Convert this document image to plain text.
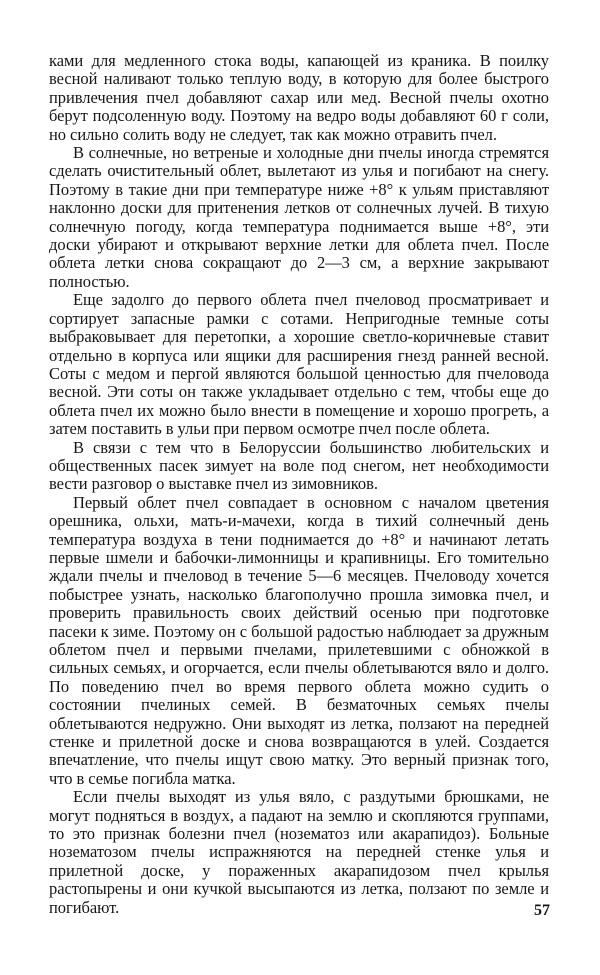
ками для медленного стока воды, капающей из краника. В поилку весной наливают только теплую воду, в которую для более быстрого привлечения пчел добавляют сахар или мед. Весной пчелы охотно берут подсоленную воду. Поэтому на ведро воды добавляют 60 г соли, но сильно солить воду не следует, так как можно отравить пчел.

В солнечные, но ветреные и холодные дни пчелы иногда стремятся сделать очистительный облет, вылетают из улья и погибают на снегу. Поэтому в такие дни при температуре ниже +8° к ульям приставляют наклонно доски для притенения летков от солнечных лучей. В тихую солнечную погоду, когда температура поднимается выше +8°, эти доски убирают и открывают верхние летки для облета пчел. После облета летки снова сокращают до 2—3 см, а верхние закрывают полностью.

Еще задолго до первого облета пчел пчеловод просматривает и сортирует запасные рамки с сотами. Непригодные темные соты выбраковывает для перетопки, а хорошие светло-коричневые ставит отдельно в корпуса или ящики для расширения гнезд ранней весной. Соты с медом и пергой являются большой ценностью для пчеловода весной. Эти соты он также укладывает отдельно с тем, чтобы еще до облета пчел их можно было внести в помещение и хорошо прогреть, а затем поставить в ульи при первом осмотре пчел после облета.

В связи с тем что в Белоруссии большинство любительских и общественных пасек зимует на воле под снегом, нет необходимости вести разговор о выставке пчел из зимовников.

Первый облет пчел совпадает в основном с началом цветения орешника, ольхи, мать-и-мачехи, когда в тихий солнечный день температура воздуха в тени поднимается до +8° и начинают летать первые шмели и бабочки-лимонницы и крапивницы. Его томительно ждали пчелы и пчеловод в течение 5—6 месяцев. Пчеловоду хочется побыстрее узнать, насколько благополучно прошла зимовка пчел, и проверить правильность своих действий осенью при подготовке пасеки к зиме. Поэтому он с большой радостью наблюдает за дружным облетом пчел и первыми пчелами, прилетевшими с обножкой в сильных семьях, и огорчается, если пчелы облетываются вяло и долго. По поведению пчел во время первого облета можно судить о состоянии пчелиных семей. В безматочных семьях пчелы облетываются недружно. Они выходят из летка, ползают на передней стенке и прилетной доске и снова возвращаются в улей. Создается впечатление, что пчелы ищут свою матку. Это верный признак того, что в семье погибла матка.

Если пчелы выходят из улья вяло, с раздутыми брюшками, не могут подняться в воздух, а падают на землю и скопляются группами, то это признак болезни пчел (нозематоз или акарапидоз). Больные нозематозом пчелы испражняются на передней стенке улья и прилетной доске, у пораженных акарапидозом пчел крылья растопырены и они кучкой высыпаются из летка, ползают по земле и погибают.	57
